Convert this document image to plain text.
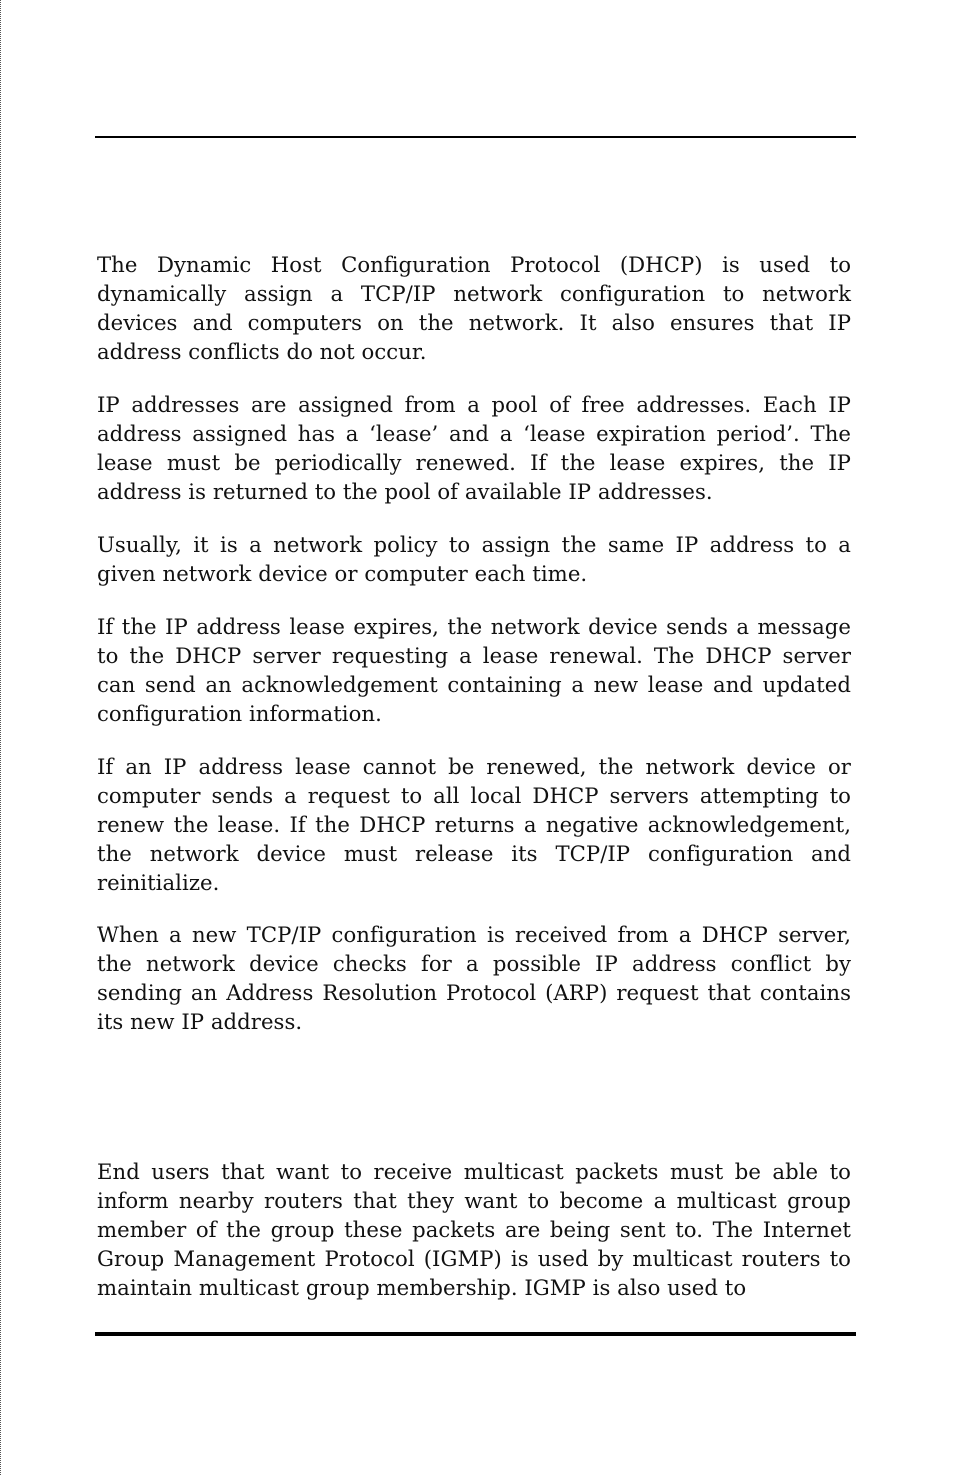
The Dynamic Host Configuration Protocol (DHCP) is used to dynamically assign a TCP/IP network configuration to network devices and computers on the network. It also ensures that IP address conflicts do not occur.

IP addresses are assigned from a pool of free addresses. Each IP address assigned has a ‘lease’ and a ‘lease expiration period’. The lease must be periodically renewed. If the lease expires, the IP address is returned to the pool of available IP addresses.

Usually, it is a network policy to assign the same IP address to a given network device or computer each time.

If the IP address lease expires, the network device sends a message to the DHCP server requesting a lease renewal. The DHCP server can send an acknowledgement containing a new lease and updated configuration information.

If an IP address lease cannot be renewed, the network device or computer sends a request to all local DHCP servers attempting to renew the lease. If the DHCP returns a negative acknowledgement, the network device must release its TCP/IP configuration and reinitialize.

When a new TCP/IP configuration is received from a DHCP server, the network device checks for a possible IP address conflict by sending an Address Resolution Protocol (ARP) request that contains its new IP address.

End users that want to receive multicast packets must be able to inform nearby routers that they want to become a multicast group member of the group these packets are being sent to. The Internet Group Management Protocol (IGMP) is used by multicast routers to maintain multicast group membership. IGMP is also used to
